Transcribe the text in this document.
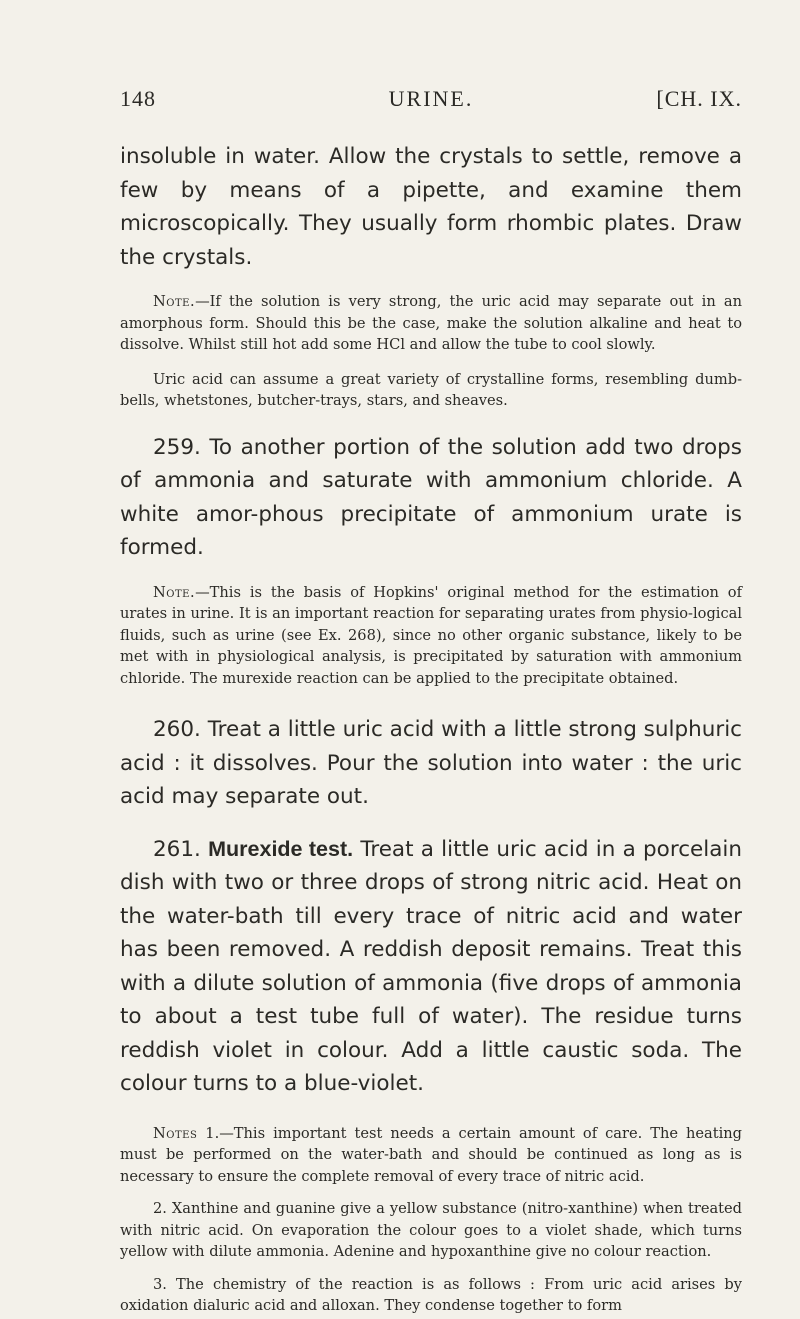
148	URINE.	[CH. IX.

insoluble in water. Allow the crystals to settle, remove a few by means of a pipette, and examine them microscopically. They usually form rhombic plates. Draw the crystals.

Note.—If the solution is very strong, the uric acid may separate out in an amorphous form. Should this be the case, make the solution alkaline and heat to dissolve. Whilst still hot add some HCl and allow the tube to cool slowly.

Uric acid can assume a great variety of crystalline forms, resembling dumb-bells, whetstones, butcher-trays, stars, and sheaves.

259. To another portion of the solution add two drops of ammonia and saturate with ammonium chloride. A white amor-phous precipitate of ammonium urate is formed.

Note.—This is the basis of Hopkins' original method for the estimation of urates in urine. It is an important reaction for separating urates from physio-logical fluids, such as urine (see Ex. 268), since no other organic substance, likely to be met with in physiological analysis, is precipitated by saturation with ammonium chloride. The murexide reaction can be applied to the precipitate obtained.

260. Treat a little uric acid with a little strong sulphuric acid : it dissolves. Pour the solution into water : the uric acid may separate out.

261. Murexide test. Treat a little uric acid in a porcelain dish with two or three drops of strong nitric acid. Heat on the water-bath till every trace of nitric acid and water has been removed. A reddish deposit remains. Treat this with a dilute solution of ammonia (five drops of ammonia to about a test tube full of water). The residue turns reddish violet in colour. Add a little caustic soda. The colour turns to a blue-violet.

Notes 1.—This important test needs a certain amount of care. The heating must be performed on the water-bath and should be continued as long as is necessary to ensure the complete removal of every trace of nitric acid.

2. Xanthine and guanine give a yellow substance (nitro-xanthine) when treated with nitric acid. On evaporation the colour goes to a violet shade, which turns yellow with dilute ammonia. Adenine and hypoxanthine give no colour reaction.

3. The chemistry of the reaction is as follows : From uric acid arises by oxidation dialuric acid and alloxan. They condense together to form
